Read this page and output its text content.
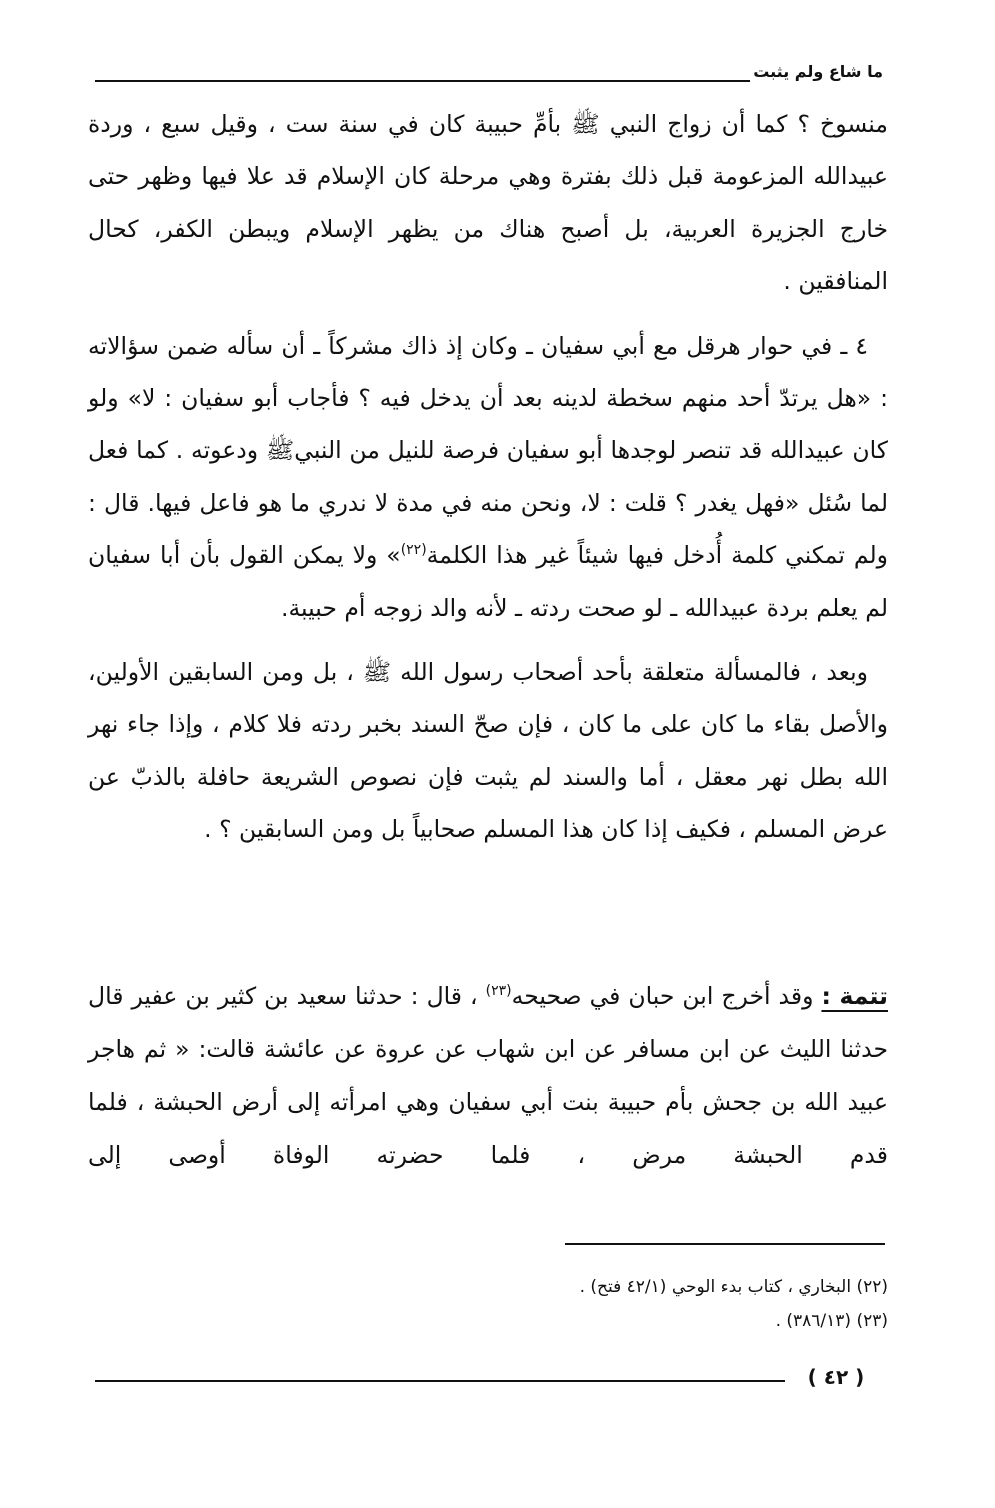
ما شاع ولم يثبت

منسوخ ؟ كما أن زواج النبي ﷺ بأمِّ حبيبة كان في سنة ست ، وقيل سبع ، وردة عبيدالله المزعومة قبل ذلك بفترة وهي مرحلة كان الإسلام قد علا فيها وظهر حتى خارج الجزيرة العربية، بل أصبح هناك من يظهر الإسلام ويبطن الكفر، كحال المنافقين .

٤ ـ في حوار هرقل مع أبي سفيان ـ وكان إذ ذاك مشركاً ـ أن سأله ضمن سؤالاته : «هل يرتدّ أحد منهم سخطة لدينه بعد أن يدخل فيه ؟ فأجاب أبو سفيان : لا» ولو كان عبيدالله قد تنصر لوجدها أبو سفيان فرصة للنيل من النبيﷺ ودعوته . كما فعل لما سُئل «فهل يغدر ؟ قلت : لا، ونحن منه في مدة لا ندري ما هو فاعل فيها. قال : ولم تمكني كلمة أُدخل فيها شيئاً غير هذا الكلمة$^{(٢٢)}$» ولا يمكن القول بأن أبا سفيان لم يعلم بردة عبيدالله ـ لو صحت ردته ـ لأنه والد زوجه أم حبيبة.

وبعد ، فالمسألة متعلقة بأحد أصحاب رسول الله ﷺ ، بل ومن السابقين الأولين، والأصل بقاء ما كان على ما كان ، فإن صحّ السند بخبر ردته فلا كلام ، وإذا جاء نهر الله بطل نهر معقل ، أما والسند لم يثبت فإن نصوص الشريعة حافلة بالذبّ عن عرض المسلم ، فكيف إذا كان هذا المسلم صحابياً بل ومن السابقين ؟ .

تتمة : وقد أخرج ابن حبان في صحيحه$^{(٢٣)}$ ، قال : حدثنا سعيد بن كثير بن عفير قال حدثنا الليث عن ابن مسافر عن ابن شهاب عن عروة عن عائشة قالت: « ثم هاجر عبيد الله بن جحش بأم حبيبة بنت أبي سفيان وهي امرأته إلى أرض الحبشة ، فلما قدم الحبشة مرض ، فلما حضرته الوفاة أوصى إلى
(٢٢) البخاري ، كتاب بدء الوحي (٤٢/١ فتح) .
(٢٣) (٣٨٦/١٣) .
( ٤٢ )
